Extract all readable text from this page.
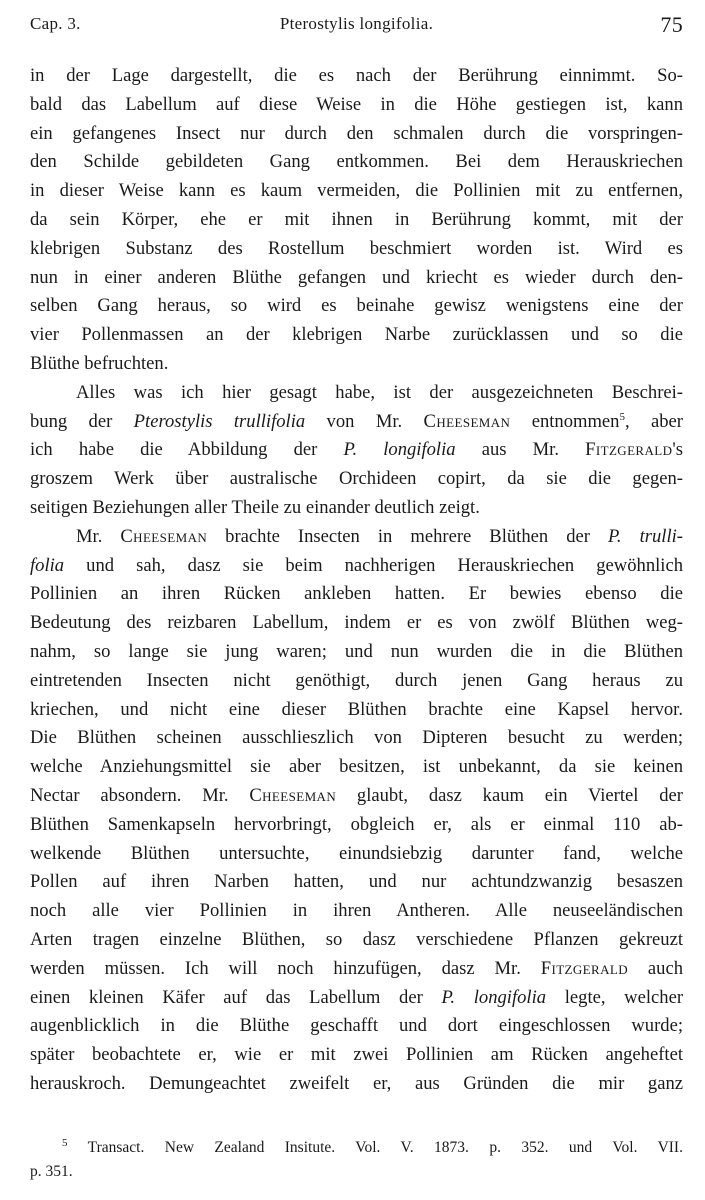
Cap. 3.	Pterostylis longifolia.	75
in der Lage dargestellt, die es nach der Berührung einnimmt. So-
bald das Labellum auf diese Weise in die Höhe gestiegen ist, kann
ein gefangenes Insect nur durch den schmalen durch die vorspringen-
den Schilde gebildeten Gang entkommen. Bei dem Herauskriechen
in dieser Weise kann es kaum vermeiden, die Pollinien mit zu entfernen,
da sein Körper, ehe er mit ihnen in Berührung kommt, mit der
klebrigen Substanz des Rostellum beschmiert worden ist. Wird es
nun in einer anderen Blüthe gefangen und kriecht es wieder durch den-
selben Gang heraus, so wird es beinahe gewisz wenigstens eine der
vier Pollenmassen an der klebrigen Narbe zurücklassen und so die
Blüthe befruchten.
Alles was ich hier gesagt habe, ist der ausgezeichneten Beschrei-
bung der Pterostylis trullifolia von Mr. Cheeseman entnommen$^5$, aber
ich habe die Abbildung der P. longifolia aus Mr. Fitzgerald's
groszem Werk über australische Orchideen copirt, da sie die gegen-
seitigen Beziehungen aller Theile zu einander deutlich zeigt.
Mr. Cheeseman brachte Insecten in mehrere Blüthen der P. trulli-
folia und sah, dasz sie beim nachherigen Herauskriechen gewöhnlich
Pollinien an ihren Rücken ankleben hatten. Er bewies ebenso die
Bedeutung des reizbaren Labellum, indem er es von zwölf Blüthen weg-
nahm, so lange sie jung waren; und nun wurden die in die Blüthen
eintretenden Insecten nicht genöthigt, durch jenen Gang heraus zu
kriechen, und nicht eine dieser Blüthen brachte eine Kapsel hervor.
Die Blüthen scheinen ausschlieszlich von Dipteren besucht zu werden;
welche Anziehungsmittel sie aber besitzen, ist unbekannt, da sie keinen
Nectar absondern. Mr. Cheeseman glaubt, dasz kaum ein Viertel der
Blüthen Samenkapseln hervorbringt, obgleich er, als er einmal 110 ab-
welkende Blüthen untersuchte, einundsiebzig darunter fand, welche
Pollen auf ihren Narben hatten, und nur achtundzwanzig besaszen
noch alle vier Pollinien in ihren Antheren. Alle neuseeländischen
Arten tragen einzelne Blüthen, so dasz verschiedene Pflanzen gekreuzt
werden müssen. Ich will noch hinzufügen, dasz Mr. Fitzgerald auch
einen kleinen Käfer auf das Labellum der P. longifolia legte, welcher
augenblicklich in die Blüthe geschafft und dort eingeschlossen wurde;
später beobachtete er, wie er mit zwei Pollinien am Rücken angeheftet
herauskroch. Demungeachtet zweifelt er, aus Gründen die mir ganz
$^5$ Transact. New Zealand Insitute. Vol. V. 1873. p. 352. und Vol. VII.
p. 351.
